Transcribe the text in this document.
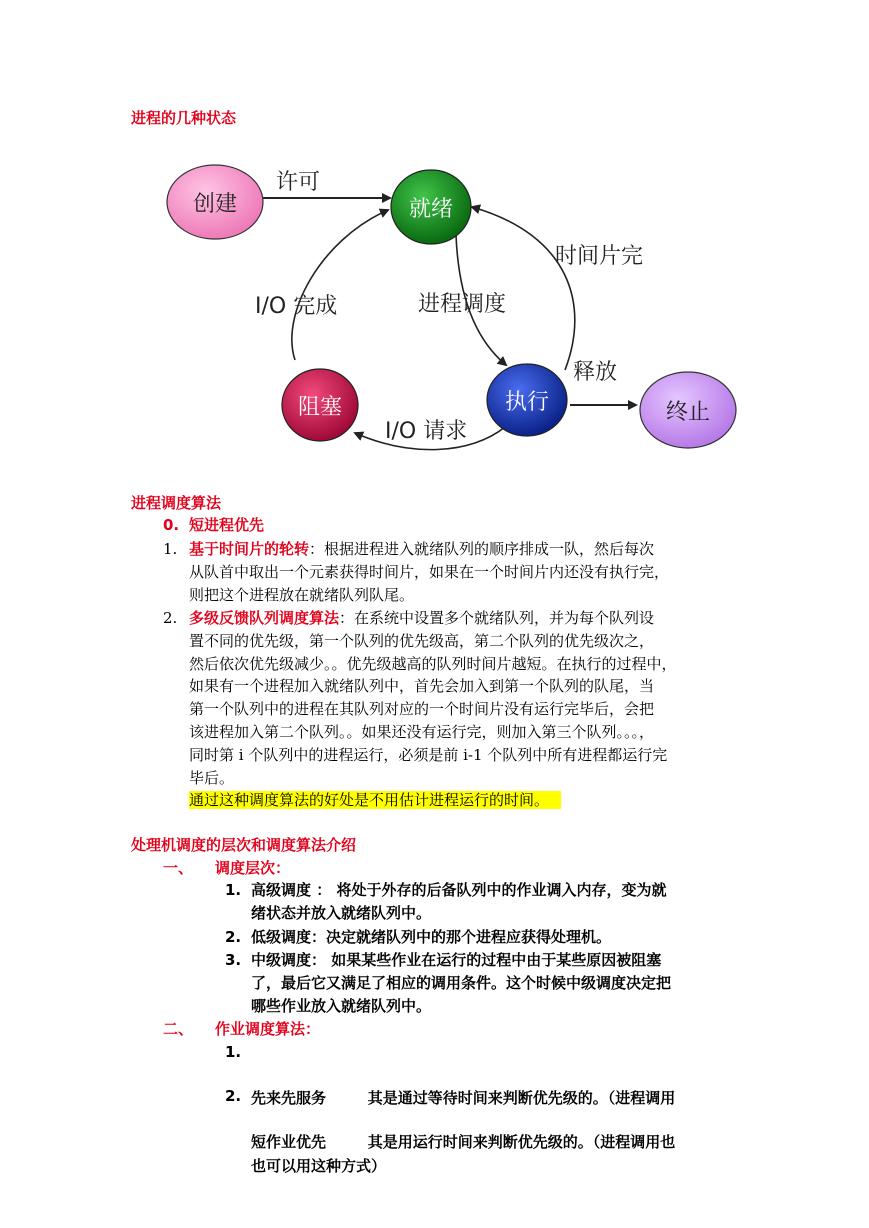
进程的几种状态
创建	就绪
阻塞	执行	终止
许可
时间片完
I/O 完成	进程调度
释放
I/O 请求
进程调度算法
0. 短进程优先
1. 基于时间片的轮转：根据进程进入就绪队列的顺序排成一队，然后每次
从队首中取出一个元素获得时间片，如果在一个时间片内还没有执行完，
则把这个进程放在就绪队列队尾。
2. 多级反馈队列调度算法：在系统中设置多个就绪队列，并为每个队列设
置不同的优先级，第一个队列的优先级高，第二个队列的优先级次之，
然后依次优先级减少。。优先级越高的队列时间片越短。在执行的过程中，
如果有一个进程加入就绪队列中，首先会加入到第一个队列的队尾，当
第一个队列中的进程在其队列对应的一个时间片没有运行完毕后，会把
该进程加入第二个队列。。如果还没有运行完，则加入第三个队列。。。，
同时第 i 个队列中的进程运行，必须是前 i-1 个队列中所有进程都运行完
毕后。
通过这种调度算法的好处是不用估计进程运行的时间。
处理机调度的层次和调度算法介绍
一、 调度层次：
1. 高级调度 ： 将处于外存的后备队列中的作业调入内存，变为就
绪状态并放入就绪队列中。
2. 低级调度：决定就绪队列中的那个进程应获得处理机。
3. 中级调度： 如果某些作业在运行的过程中由于某些原因被阻塞
了，最后它又满足了相应的调用条件。这个时候中级调度决定把
哪些作业放入就绪队列中。
二、 作业调度算法：
1.

先来先服务        其是通过等待时间来判断优先级的。（进程调用

也可以用这种方式）

2.

短作业优先        其是用运行时间来判断优先级的。（进程调用也
